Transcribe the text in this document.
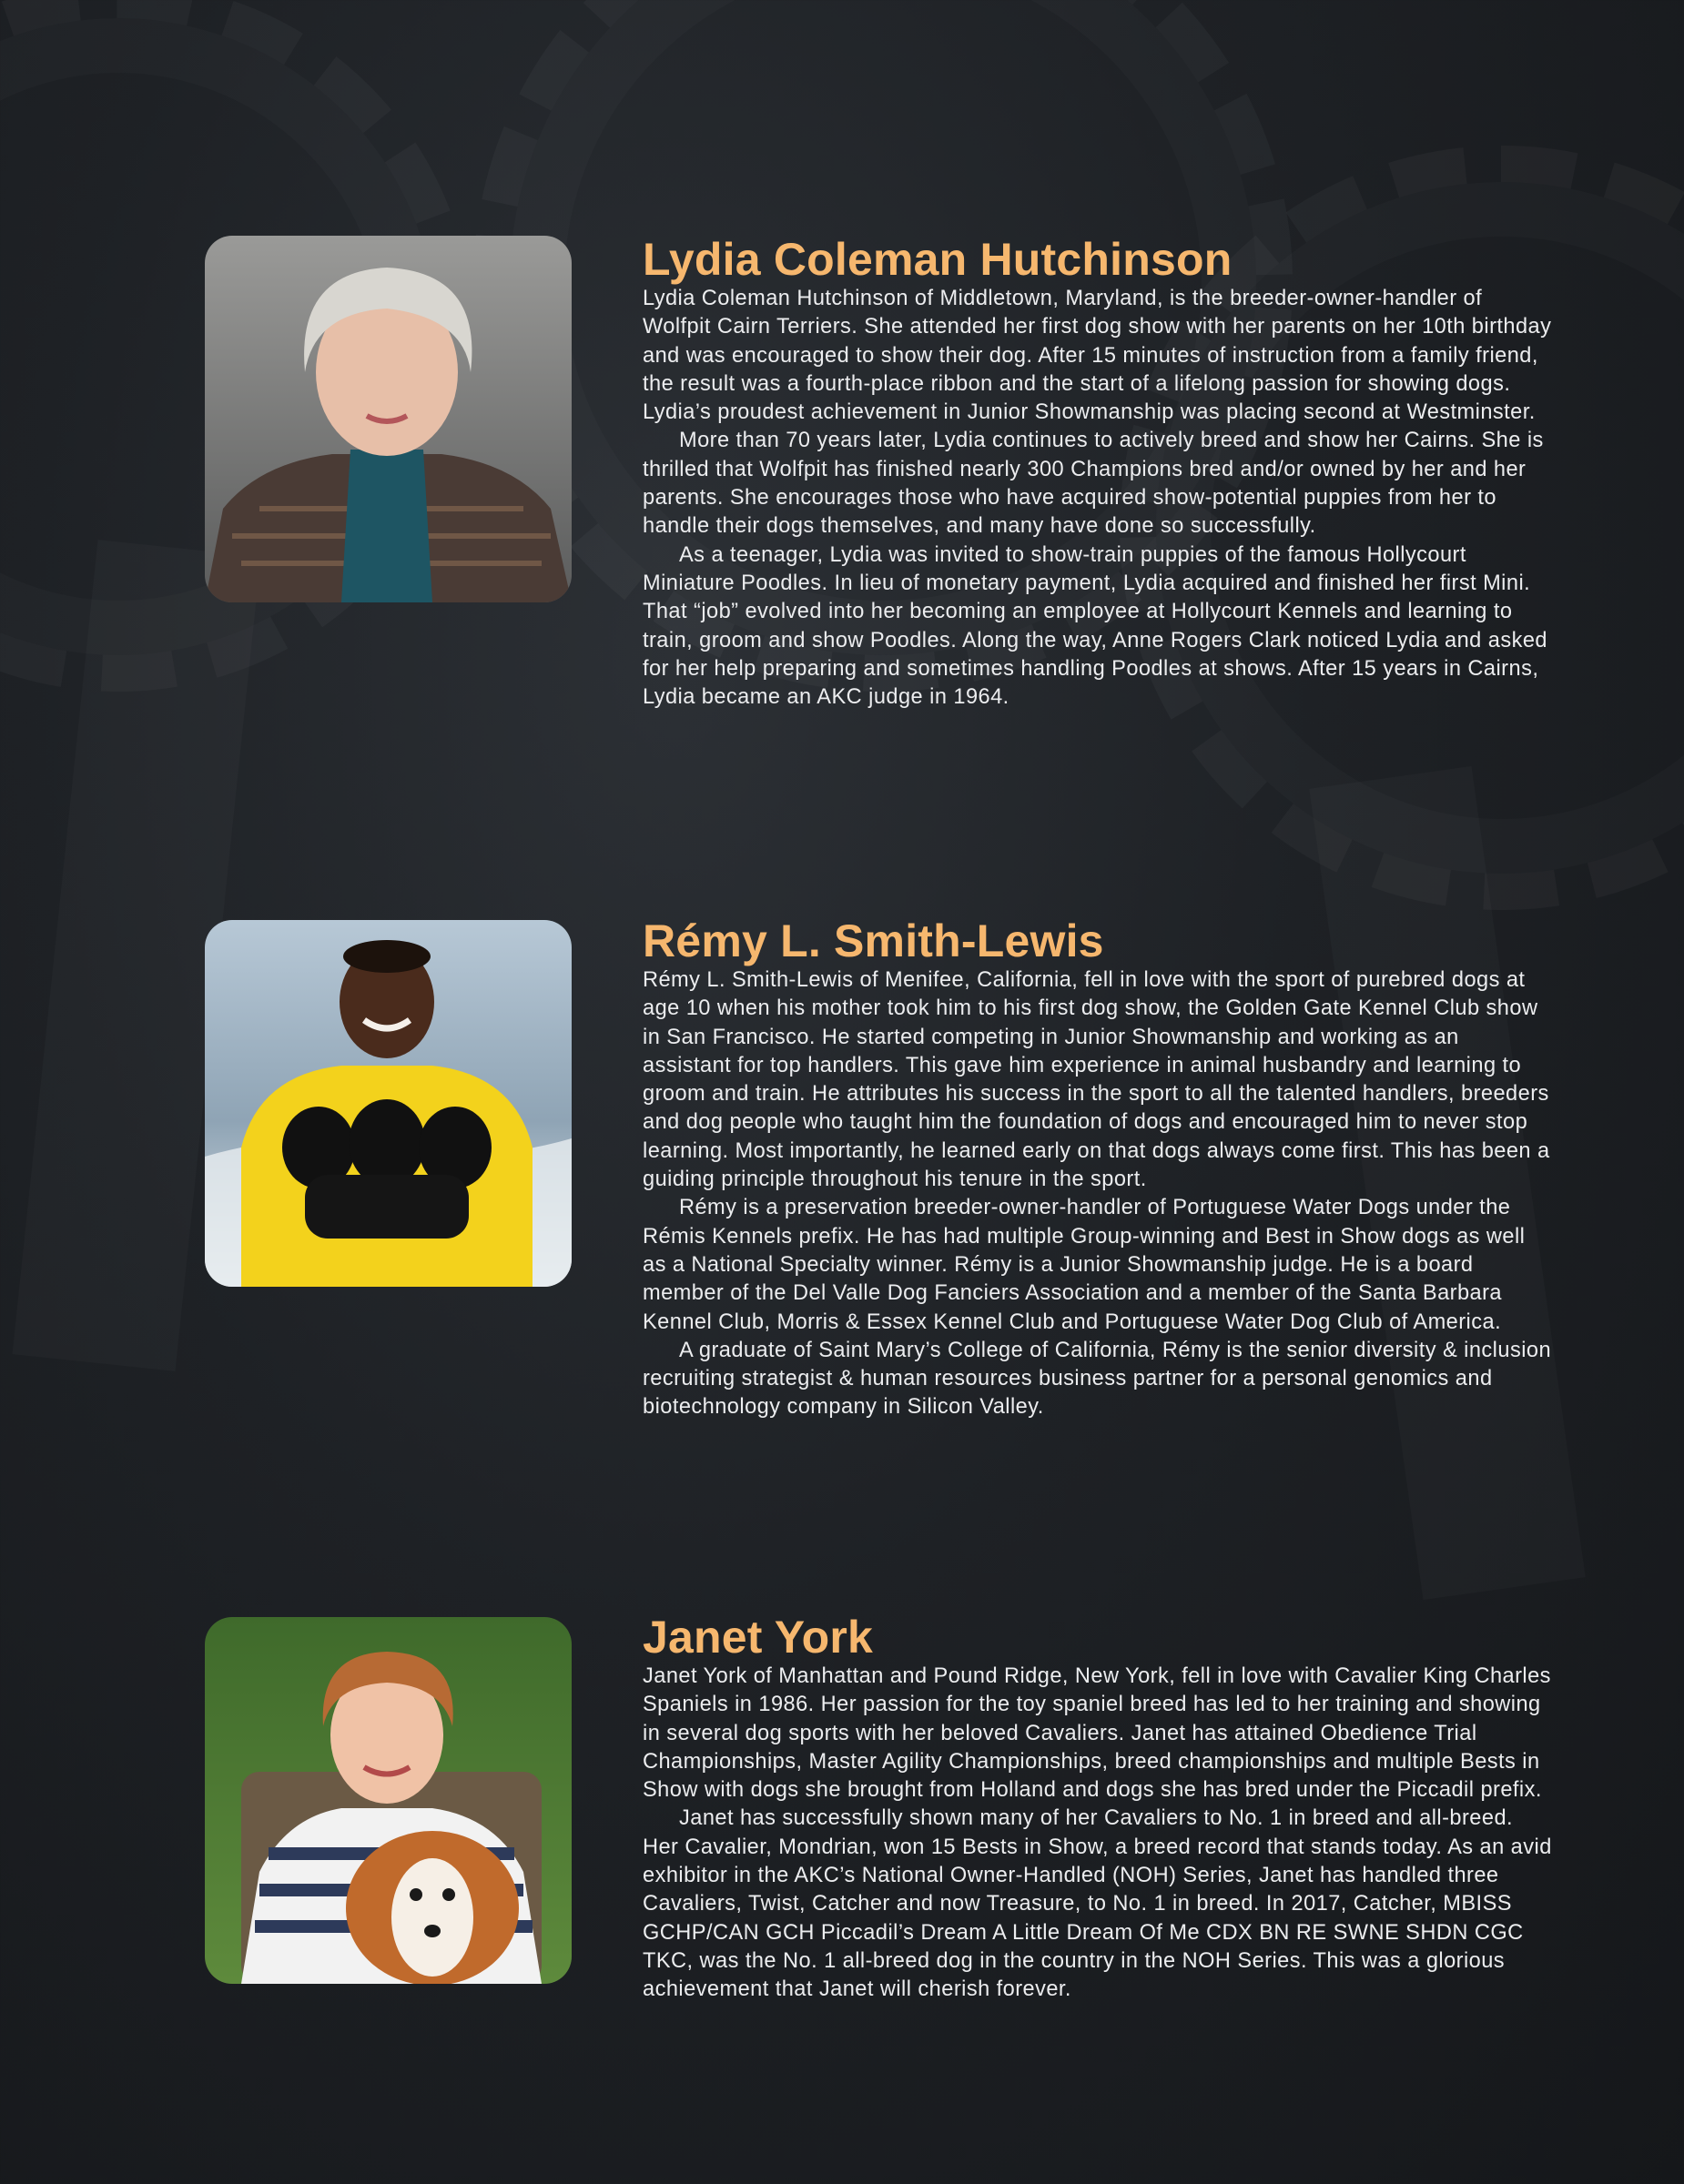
Lydia Coleman Hutchinson

Lydia Coleman Hutchinson of Middletown, Maryland, is the breeder-owner-handler of Wolfpit Cairn Terriers. She attended her first dog show with her parents on her 10th birthday and was encouraged to show their dog. After 15 minutes of instruction from a family friend, the result was a fourth-place ribbon and the start of a lifelong passion for showing dogs. Lydia’s proudest achievement in Junior Showmanship was placing second at Westminster.

More than 70 years later, Lydia continues to actively breed and show her Cairns. She is thrilled that Wolfpit has finished nearly 300 Champions bred and/or owned by her and her parents. She encourages those who have acquired show-potential puppies from her to handle their dogs themselves, and many have done so successfully.

As a teenager, Lydia was invited to show-train puppies of the famous Hollycourt Miniature Poodles. In lieu of monetary payment, Lydia acquired and finished her first Mini. That “job” evolved into her becoming an employee at Hollycourt Kennels and learning to train, groom and show Poodles. Along the way, Anne Rogers Clark noticed Lydia and asked for her help preparing and sometimes handling Poodles at shows. After 15 years in Cairns, Lydia became an AKC judge in 1964.

Rémy L. Smith-Lewis

Rémy L. Smith-Lewis of Menifee, California, fell in love with the sport of purebred dogs at age 10 when his mother took him to his first dog show, the Golden Gate Kennel Club show in San Francisco. He started competing in Junior Showmanship and working as an assistant for top handlers. This gave him experience in animal husbandry and learning to groom and train. He attributes his success in the sport to all the talented handlers, breeders and dog people who taught him the foundation of dogs and encouraged him to never stop learning. Most importantly, he learned early on that dogs always come first. This has been a guiding principle throughout his tenure in the sport.

Rémy is a preservation breeder-owner-handler of Portuguese Water Dogs under the Rémis Kennels prefix. He has had multiple Group-winning and Best in Show dogs as well as a National Specialty winner. Rémy is a Junior Showmanship judge. He is a board member of the Del Valle Dog Fanciers Association and a member of the Santa Barbara Kennel Club, Morris & Essex Kennel Club and Portuguese Water Dog Club of America.

A graduate of Saint Mary’s College of California, Rémy is the senior diversity & inclusion recruiting strategist & human resources business partner for a personal genomics and biotechnology company in Silicon Valley.

Janet York

Janet York of Manhattan and Pound Ridge, New York, fell in love with Cavalier King Charles Spaniels in 1986. Her passion for the toy spaniel breed has led to her training and showing in several dog sports with her beloved Cavaliers. Janet has attained Obedience Trial Championships, Master Agility Championships, breed championships and multiple Bests in Show with dogs she brought from Holland and dogs she has bred under the Piccadil prefix.

Janet has successfully shown many of her Cavaliers to No. 1 in breed and all-breed. Her Cavalier, Mondrian, won 15 Bests in Show, a breed record that stands today. As an avid exhibitor in the AKC’s National Owner-Handled (NOH) Series, Janet has handled three Cavaliers, Twist, Catcher and now Treasure, to No. 1 in breed. In 2017, Catcher, MBISS GCHP/CAN GCH Piccadil’s Dream A Little Dream Of Me CDX BN RE SWNE SHDN CGC TKC, was the No. 1 all-breed dog in the country in the NOH Series. This was a glorious achievement that Janet will cherish forever.
